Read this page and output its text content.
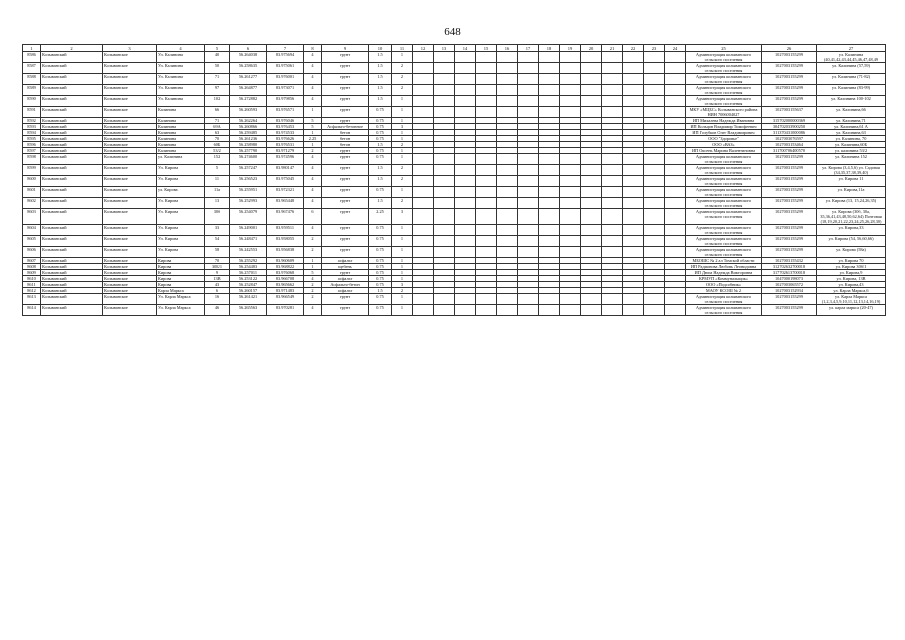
648
1	2	3	4	5	6	7	8	9	10	11	12	13	14	15	16	17	18	19	20	21	22	23	24	25	26	27
8586	Колыванский	Колыванское	Ул. Калинина	40	56.264038	83.975694	4	грунт	1.5	1														Администрация колыванского сельского поселения	1027003155299	ул. Калинина (40,41,42,43,44,45,46,47,48,49
8587	Колыванский	Колыванское	Ул. Калинина	50	56.258635	83.975061	4	грунт	1.5	2														Администрация колыванского сельского поселения	1027003155299	ул. Калинина (57,59)
8588	Колыванский	Колыванское	Ул. Калинина	71	56.261277	83.976001	4	грунт	1.5	2														Администрация колыванского сельского поселения	1027003155299	ул. Калинина (71-82)
8589	Колыванский	Колыванское	Ул. Калинина	97	56.264877	83.973071	4	грунт	1.5	2														Администрация колыванского сельского поселения	1027003155299	ул. Калинина (83-99)
8590	Колыванский	Колыванское	Ул. Калинина	102	56.272882	83.979856	4	грунт	1.5	1														Администрация колыванского сельского поселения	1027003155299	ул. Калинина 100-102
8591	Колыванский	Колыванское	Калинина	66	56.260593	83.976571	1	грунт	0.75	1														МКУ «МЦБС» Колыванского района НИН 7006004027	1027003155637	ул. Калинина,66
8592	Колыванский	Колыванское	Калинина	71	56.262264	83.976046	5	грунт	0.75	1														ИП Михалева Надежда Ивановна	315702000000369	ул. Калинина,71
8593	Колыванский	Колыванское	Калинина	69А	56.260866	83.976453	5	Асфальто-бетонное	0.75	3														ИП Кольцов Владимир Тимофеевич	304702033900250	ул. Калинина,61 А
8594	Колыванский	Колыванское	Калинина	63	56.259485	83.974533	1	бетон	0.75	1														ИП Голубков Олег Владимирович	311370431000086	ул. Калинина,63
8595	Колыванский	Колыванское	Калинина	70	56.261236	83.976626	2.25	бетон	0.75	1														ООО "Здоровье"	1027003076597	ул. Калинина, 70
8596	Колыванский	Колыванское	Калинина	60Б	56.258980	83.976531	1	бетон	1.5	2														ООО «ВАЗ»	1027003153464	ул. Калинина,60Б
8597	Колыванский	Колыванское	Калинина	53/2	56.257790	83.971279	2	грунт	0.75	1														ИП Оксень Марина Валентиновна	311700706400570	ул. калинина 53/2
8598	Колыванский	Колыванское	ул. Калинина	152	56.274600	83.974596	4	грунт	0.75	1														Администрация колыванского сельского поселения	1027003155299	ул. Калинина 152
8599	Колыванский	Колыванское	Ул. Кирова	5	56.257247	83.980147	4	грунт	1.5	2														Администрация колыванского сельского поселения	1027003155299	ул. Кирова (3,4,5,6) ул. Садовая (34,35,37,38,39,40)
8600	Колыванский	Колыванское	Ул. Кирова	11	56.256523	83.975045	4	грунт	1.5	2														Администрация колыванского сельского поселения	1027003155299	ул. Кирова 11
8601	Колыванский	Колыванское	ул. Кирова	11а	56.255951	83.972321	4	грунт	0.75	1														Администрация колыванского сельского поселения	1027003155299	ул. Кирова,11а
8602	Колыванский	Колыванское	Ул. Кирова	13	56.252993	83.965448	4	грунт	1.5	2														Администрация колыванского сельского поселения	1027003155299	ул. Кирова (13, 15,24,26,35)
8603	Колыванский	Колыванское	Ул. Кирова	30б	56.254079	83.967476	6	грунт	2.25	3														Администрация колыванского сельского поселения	1027003155299	ул. Кирова (30б, 30а, 35,36,41,43,48,50,62,64) Почтовая (18,19,20,21,22,23,24,25,26,28,30)
8604	Колыванский	Колыванское	Ул. Кирова	33	56.249001	83.959511	4	грунт	0.75	1														Администрация колыванского сельского поселения	1027003155299	ул. Кирова,33
8605	Колыванский	Колыванское	Ул. Кирова	54	56.248471	83.958055	2	грунт	0.75	1														Администрация колыванского сельского поселения	1027003155299	ул. Кирова (54, 56,60,66)
8606	Колыванский	Колыванское	Ул. Кирова	58	56.242553	83.956838	2	грунт	0.75	1														Администрация колыванского сельского поселения	1027003155299	ул. Кирова (58а)
8607	Колыванский	Колыванское	Кирова	70	56.255292	83.960609	1	асфальт	0.75	1														МБОШС № 2 ал Томской области	1027003155432	ул. Кирова 70
8608	Колыванский	Колыванское	Кирова	30Б/1	56.254483	83.968822	1	щебень	0.75	1														ИП Радионова Любовь Леонидовна	312702632700018	ул. Кирова 30б/1
8609	Колыванский	Колыванское	Кирова	9	56.257011	83.976068	5	грунт	0.75	1														ИП Дюпа Надежда Викторовна	317702613700018	ул. Кирова,9
8610	Колыванский	Колыванское	Кирова	13В	56.253122	83.966708	4	асфальт	0.75	1														КРМУП «Коммунальщик»	1047000198073	ул. Кирова, 13В
8611	Колыванский	Колыванское	Кирова	43	56.252847	83.965662	2	Асфальто-бетон	0.75	3														ООО «Подсобник»	1027003065572	ул. Кирова,43
8612	Колыванский	Колыванское	Карла Маркса	6	56.260157	83.971483	2	асфальт	1.5	2														МАОУ КСОШ № 2	1027003152934	ул. Карла Маркса,6
8613	Колыванский	Колыванское	Ул. Карла Маркса	16	56.261421	83.966549	2	грунт	0.75	1														Администрация колыванского сельского поселения	1027003155299	ул. Карла Маркса (1,2,3,4,5,9,10,11,12,13,14,16,19)
8614	Колыванский	Колыванское	Ул. Карла Маркса	46	56.265563	83.970281	4	грунт	0.75	1														Администрация колыванского сельского поселения	1027003155299	ул. карла маркса (20-47)
